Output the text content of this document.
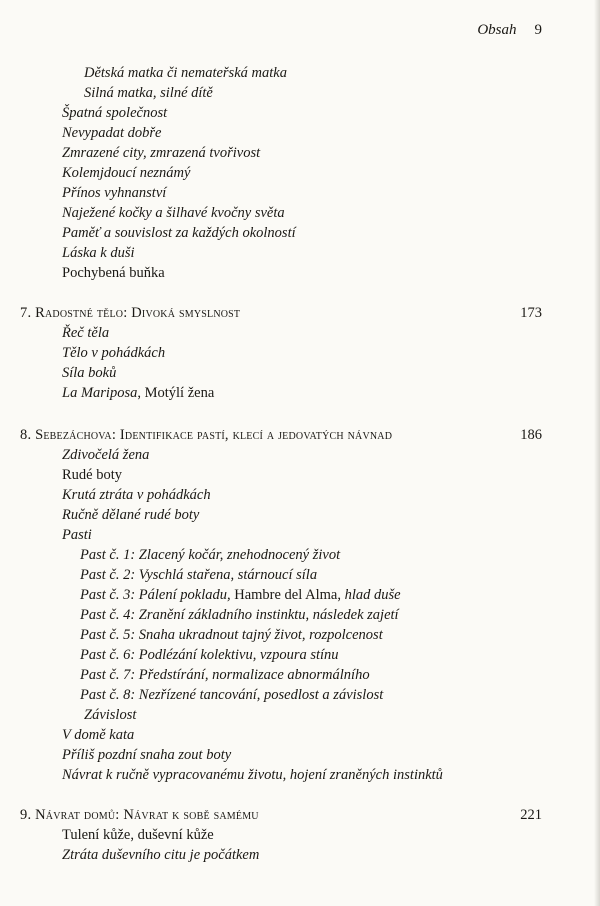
Obsah 9
Dětská matka či nemateřská matka
Silná matka, silné dítě
Špatná společnost
Nevypadat dobře
Zmrazené city, zmrazená tvořivost
Kolemjdoucí neznámý
Přínos vyhnanství
Naježené kočky a šilhavé kvočny světa
Paměť a souvislost za každých okolností
Láska k duši
Pochybená buňka
7. Radostné tělo: Divoká smyslnost	173
Řeč těla
Tělo v pohádkách
Síla boků
La Mariposa, Motýlí žena
8. Sebezáchova: Identifikace pastí, klecí a jedovatých návnad	186
Zdivočelá žena
Rudé boty
Krutá ztráta v pohádkách
Ručně dělané rudé boty
Pasti
Past č. 1: Zlacený kočár, znehodnocený život
Past č. 2: Vyschlá stařena, stárnoucí síla
Past č. 3: Pálení pokladu, Hambre del Alma, hlad duše
Past č. 4: Zranění základního instinktu, následek zajetí
Past č. 5: Snaha ukradnout tajný život, rozpolcenost
Past č. 6: Podlézání kolektivu, vzpoura stínu
Past č. 7: Předstírání, normalizace abnormálního
Past č. 8: Nezřízené tancování, posedlost a závislost
Závislost
V domě kata
Příliš pozdní snaha zout boty
Návrat k ručně vypracovanému životu, hojení zraněných instinktů
9. Návrat domů: Návrat k sobě samému	221
Tulení kůže, duševní kůže
Ztráta duševního citu je počátkem
